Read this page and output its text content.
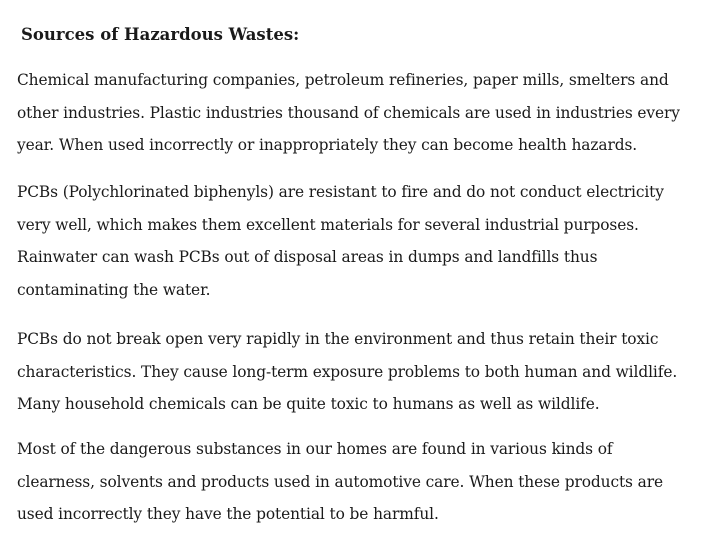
Sources of Hazardous Wastes:

Chemical manufacturing companies, petroleum refineries, paper mills, smelters and
other industries. Plastic industries thousand of chemicals are used in industries every
year. When used incorrectly or inappropriately they can become health hazards.

PCBs (Polychlorinated biphenyls) are resistant to fire and do not conduct electricity
very well, which makes them excellent materials for several industrial purposes.
Rainwater can wash PCBs out of disposal areas in dumps and landfills thus
contaminating the water.

PCBs do not break open very rapidly in the environment and thus retain their toxic
characteristics. They cause long-term exposure problems to both human and wildlife.
Many household chemicals can be quite toxic to humans as well as wildlife.

Most of the dangerous substances in our homes are found in various kinds of
clearness, solvents and products used in automotive care. When these products are
used incorrectly they have the potential to be harmful.
